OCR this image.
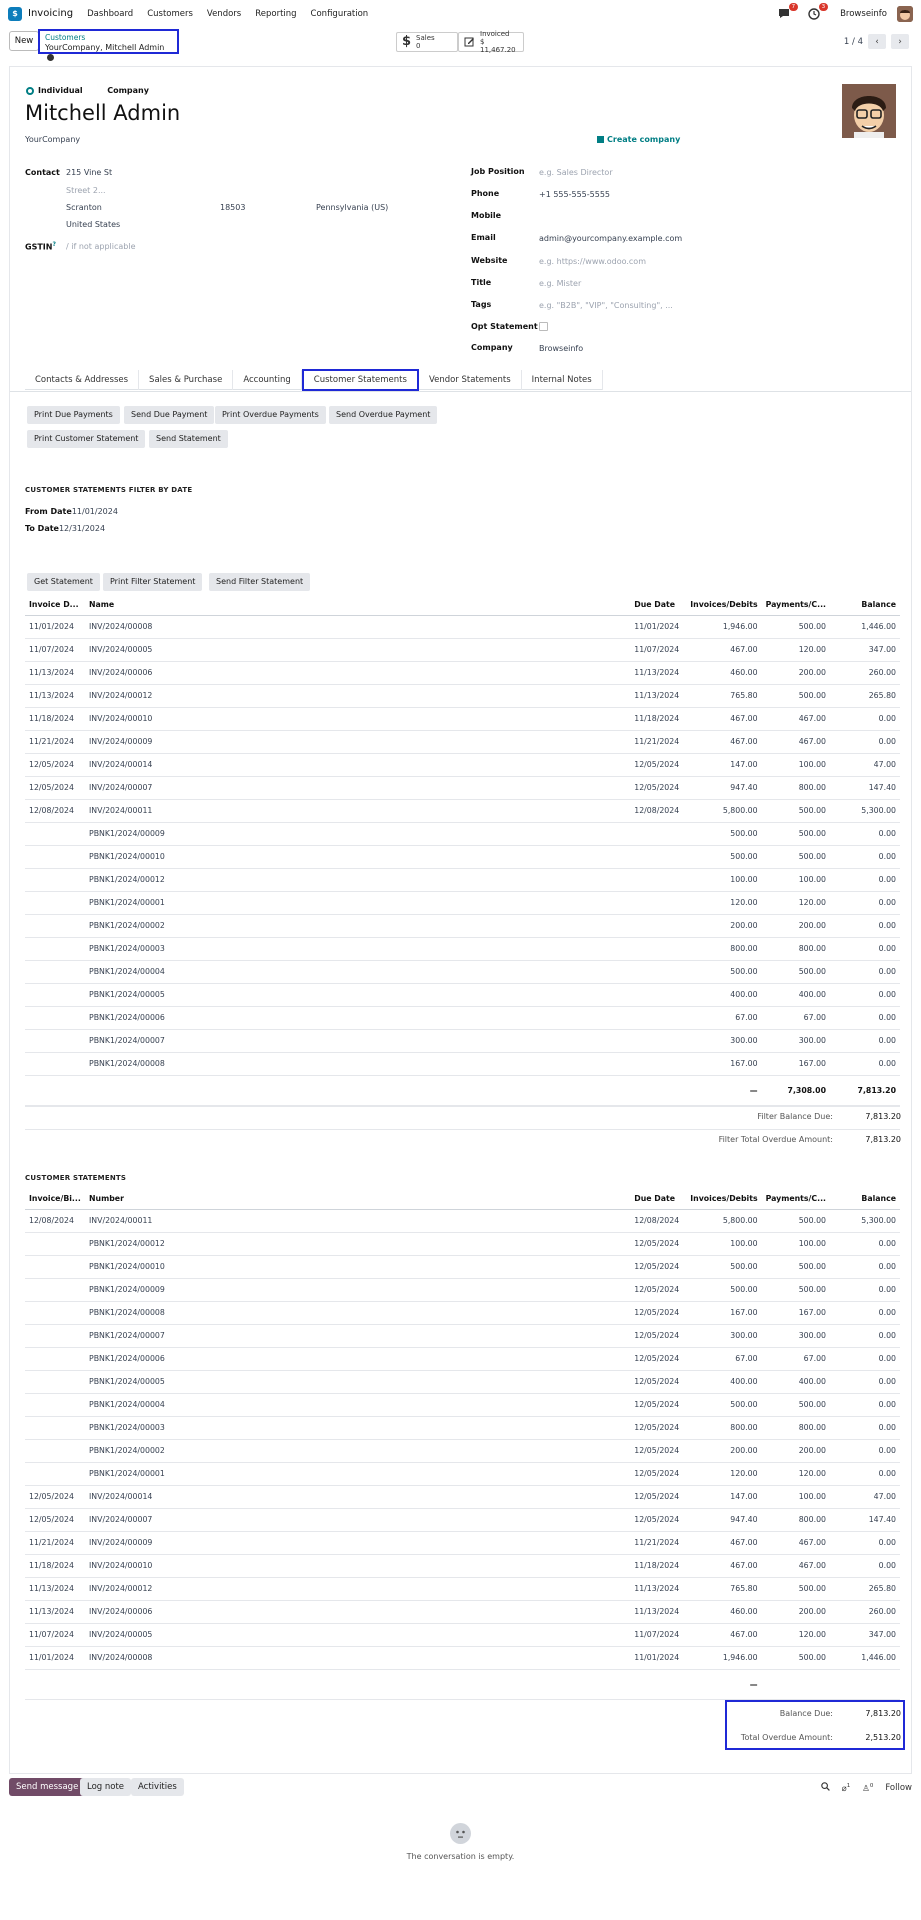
$	Invoicing Dashboard Customers Vendors Reporting Configuration
7	3
Browseinfo
New	Customers
YourCompany, Mitchell Admin	$ Sales
0
Invoiced
$ 11,467.20
1 / 4	‹	›
Individual	Company
Mitchell Admin
YourCompany	Create company
Contact 215 Vine St
Street 2...
Scranton	18503	Pennsylvania (US)
United States
GSTIN? / if not applicable
Job Position e.g. Sales Director
Phone	+1 555-555-5555
Mobile
Email	admin@yourcompany.example.com
Website	e.g. https://www.odoo.com
Title	e.g. Mister
Tags	e.g. "B2B", "VIP", "Consulting", ...
Opt Statement
Company	Browseinfo
Contacts & Addresses	Sales & Purchase	Accounting	Customer Statements	Vendor Statements	Internal Notes
Print Due Payments	Send Due Payment	Print Overdue Payments	Send Overdue Payment
Print Customer Statement	Send Statement
CUSTOMER STATEMENTS FILTER BY DATE
From Date11/01/2024
To Date12/31/2024
Get Statement	Print Filter Statement	Send Filter Statement
Invoice D...	Name	Due Date	Invoices/Debits	Payments/C...	Balance
11/01/2024	INV/2024/00008	11/01/2024	1,946.00	500.00	1,446.00
11/07/2024	INV/2024/00005	11/07/2024	467.00	120.00	347.00
11/13/2024	INV/2024/00006	11/13/2024	460.00	200.00	260.00
11/13/2024	INV/2024/00012	11/13/2024	765.80	500.00	265.80
11/18/2024	INV/2024/00010	11/18/2024	467.00	467.00	0.00
11/21/2024	INV/2024/00009	11/21/2024	467.00	467.00	0.00
12/05/2024	INV/2024/00014	12/05/2024	147.00	100.00	47.00
12/05/2024	INV/2024/00007	12/05/2024	947.40	800.00	147.40
12/08/2024	INV/2024/00011	12/08/2024	5,800.00	500.00	5,300.00
	PBNK1/2024/00009		500.00	500.00	0.00
	PBNK1/2024/00010		500.00	500.00	0.00
	PBNK1/2024/00012		100.00	100.00	0.00
	PBNK1/2024/00001		120.00	120.00	0.00
	PBNK1/2024/00002		200.00	200.00	0.00
	PBNK1/2024/00003		800.00	800.00	0.00
	PBNK1/2024/00004		500.00	500.00	0.00
	PBNK1/2024/00005		400.00	400.00	0.00
	PBNK1/2024/00006		67.00	67.00	0.00
	PBNK1/2024/00007		300.00	300.00	0.00
	PBNK1/2024/00008		167.00	167.00	0.00
			—	7,308.00	7,813.20
Filter Balance Due:	7,813.20
Filter Total Overdue Amount:	7,813.20
CUSTOMER STATEMENTS
Invoice/Bi...	Number	Due Date	Invoices/Debits	Payments/C...	Balance
12/08/2024	INV/2024/00011	12/08/2024	5,800.00	500.00	5,300.00
	PBNK1/2024/00012	12/05/2024	100.00	100.00	0.00
	PBNK1/2024/00010	12/05/2024	500.00	500.00	0.00
	PBNK1/2024/00009	12/05/2024	500.00	500.00	0.00
	PBNK1/2024/00008	12/05/2024	167.00	167.00	0.00
	PBNK1/2024/00007	12/05/2024	300.00	300.00	0.00
	PBNK1/2024/00006	12/05/2024	67.00	67.00	0.00
	PBNK1/2024/00005	12/05/2024	400.00	400.00	0.00
	PBNK1/2024/00004	12/05/2024	500.00	500.00	0.00
	PBNK1/2024/00003	12/05/2024	800.00	800.00	0.00
	PBNK1/2024/00002	12/05/2024	200.00	200.00	0.00
	PBNK1/2024/00001	12/05/2024	120.00	120.00	0.00
12/05/2024	INV/2024/00014	12/05/2024	147.00	100.00	47.00
12/05/2024	INV/2024/00007	12/05/2024	947.40	800.00	147.40
11/21/2024	INV/2024/00009	11/21/2024	467.00	467.00	0.00
11/18/2024	INV/2024/00010	11/18/2024	467.00	467.00	0.00
11/13/2024	INV/2024/00012	11/13/2024	765.80	500.00	265.80
11/13/2024	INV/2024/00006	11/13/2024	460.00	200.00	260.00
11/07/2024	INV/2024/00005	11/07/2024	467.00	120.00	347.00
11/01/2024	INV/2024/00008	11/01/2024	1,946.00	500.00	1,446.00
			—		
Balance Due:	7,813.20
Total Overdue Amount:	2,513.20
Send message	Log note	Activities	⌀$^1$ ♙$^0$ Follow
The conversation is empty.
